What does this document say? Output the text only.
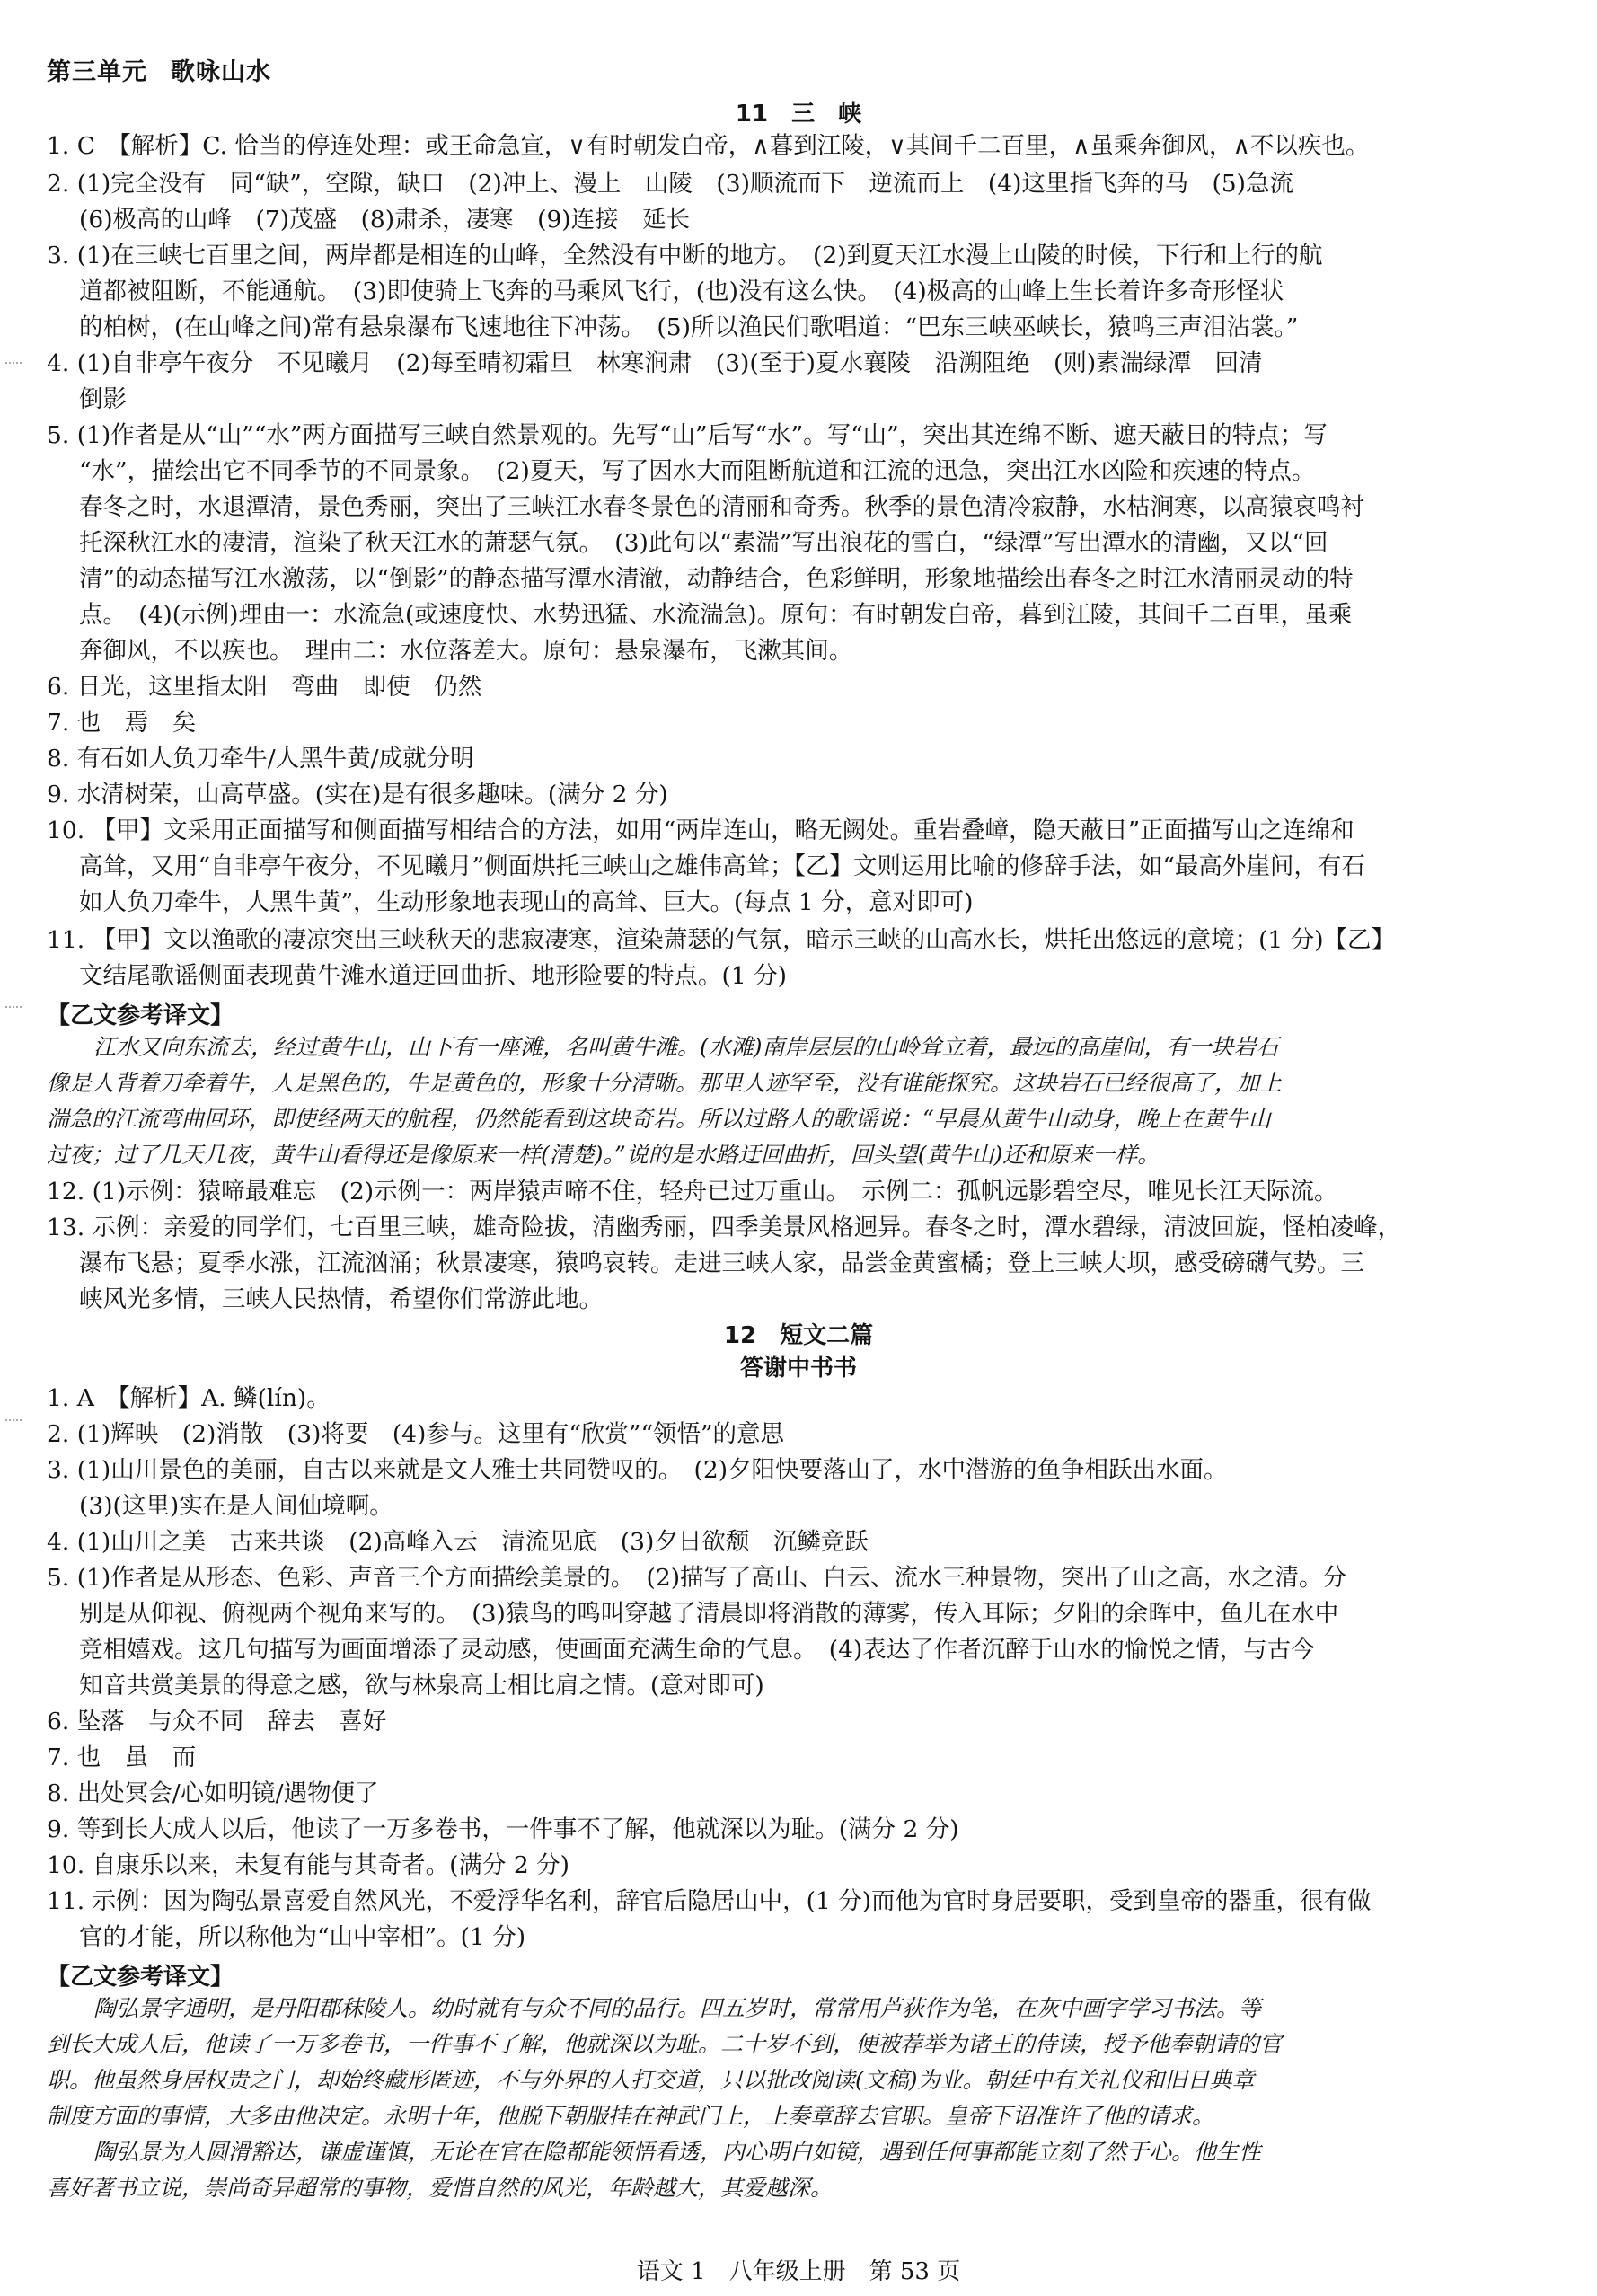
第三单元 歌咏山水
11　三　峡
1. C　【解析】C. 恰当的停连处理：或王命急宣，∨有时朝发白帝，∧暮到江陵，∨其间千二百里，∧虽乘奔御风，∧不以疾也。
2. (1)完全没有　同“缺”，空隙，缺口　(2)冲上、漫上　山陵　(3)顺流而下　逆流而上　(4)这里指飞奔的马　(5)急流
(6)极高的山峰　(7)茂盛　(8)肃杀，凄寒　(9)连接　延长
3. (1)在三峡七百里之间，两岸都是相连的山峰，全然没有中断的地方。　(2)到夏天江水漫上山陵的时候，下行和上行的航
道都被阻断，不能通航。　(3)即使骑上飞奔的马乘风飞行，(也)没有这么快。　(4)极高的山峰上生长着许多奇形怪状
的柏树，(在山峰之间)常有悬泉瀑布飞速地往下冲荡。　(5)所以渔民们歌唱道：“巴东三峡巫峡长，猿鸣三声泪沾裳。”
4. (1)自非亭午夜分　不见曦月　(2)每至晴初霜旦　林寒涧肃　(3)(至于)夏水襄陵　沿溯阻绝　(则)素湍绿潭　回清
倒影
5. (1)作者是从“山”“水”两方面描写三峡自然景观的。先写“山”后写“水”。写“山”，突出其连绵不断、遮天蔽日的特点；写
“水”，描绘出它不同季节的不同景象。　(2)夏天，写了因水大而阻断航道和江流的迅急，突出江水凶险和疾速的特点。
春冬之时，水退潭清，景色秀丽，突出了三峡江水春冬景色的清丽和奇秀。秋季的景色清冷寂静，水枯涧寒，以高猿哀鸣衬
托深秋江水的凄清，渲染了秋天江水的萧瑟气氛。　(3)此句以“素湍”写出浪花的雪白，“绿潭”写出潭水的清幽，又以“回
清”的动态描写江水激荡，以“倒影”的静态描写潭水清澈，动静结合，色彩鲜明，形象地描绘出春冬之时江水清丽灵动的特
点。　(4)(示例)理由一：水流急(或速度快、水势迅猛、水流湍急)。原句：有时朝发白帝，暮到江陵，其间千二百里，虽乘
奔御风，不以疾也。　理由二：水位落差大。原句：悬泉瀑布，飞漱其间。
6. 日光，这里指太阳　弯曲　即使　仍然
7. 也　焉　矣
8. 有石如人负刀牵牛/人黑牛黄/成就分明
9. 水清树荣，山高草盛。(实在)是有很多趣味。(满分 2 分)
10. 【甲】文采用正面描写和侧面描写相结合的方法，如用“两岸连山，略无阙处。重岩叠嶂，隐天蔽日”正面描写山之连绵和
高耸，又用“自非亭午夜分，不见曦月”侧面烘托三峡山之雄伟高耸；【乙】文则运用比喻的修辞手法，如“最高外崖间，有石
如人负刀牵牛，人黑牛黄”，生动形象地表现山的高耸、巨大。(每点 1 分，意对即可)
11. 【甲】文以渔歌的凄凉突出三峡秋天的悲寂凄寒，渲染萧瑟的气氛，暗示三峡的山高水长，烘托出悠远的意境；(1 分)【乙】
文结尾歌谣侧面表现黄牛滩水道迂回曲折、地形险要的特点。(1 分)
【乙文参考译文】
江水又向东流去，经过黄牛山，山下有一座滩，名叫黄牛滩。(水滩)南岸层层的山岭耸立着，最远的高崖间，有一块岩石
像是人背着刀牵着牛，人是黑色的，牛是黄色的，形象十分清晰。那里人迹罕至，没有谁能探究。这块岩石已经很高了，加上
湍急的江流弯曲回环，即使经两天的航程，仍然能看到这块奇岩。所以过路人的歌谣说：“早晨从黄牛山动身，晚上在黄牛山
过夜；过了几天几夜，黄牛山看得还是像原来一样(清楚)。”说的是水路迂回曲折，回头望(黄牛山)还和原来一样。
12. (1)示例：猿啼最难忘　(2)示例一：两岸猿声啼不住，轻舟已过万重山。　示例二：孤帆远影碧空尽，唯见长江天际流。
13. 示例：亲爱的同学们，七百里三峡，雄奇险拔，清幽秀丽，四季美景风格迥异。春冬之时，潭水碧绿，清波回旋，怪柏凌峰，
瀑布飞悬；夏季水涨，江流汹涌；秋景凄寒，猿鸣哀转。走进三峡人家，品尝金黄蜜橘；登上三峡大坝，感受磅礴气势。三
峡风光多情，三峡人民热情，希望你们常游此地。
12　短文二篇
答谢中书书
1. A　【解析】A. 鳞(lín)。
2. (1)辉映　(2)消散　(3)将要　(4)参与。这里有“欣赏”“领悟”的意思
3. (1)山川景色的美丽，自古以来就是文人雅士共同赞叹的。　(2)夕阳快要落山了，水中潜游的鱼争相跃出水面。
(3)(这里)实在是人间仙境啊。
4. (1)山川之美　古来共谈　(2)高峰入云　清流见底　(3)夕日欲颓　沉鳞竞跃
5. (1)作者是从形态、色彩、声音三个方面描绘美景的。　(2)描写了高山、白云、流水三种景物，突出了山之高，水之清。分
别是从仰视、俯视两个视角来写的。　(3)猿鸟的鸣叫穿越了清晨即将消散的薄雾，传入耳际；夕阳的余晖中，鱼儿在水中
竞相嬉戏。这几句描写为画面增添了灵动感，使画面充满生命的气息。　(4)表达了作者沉醉于山水的愉悦之情，与古今
知音共赏美景的得意之感，欲与林泉高士相比肩之情。(意对即可)
6. 坠落　与众不同　辞去　喜好
7. 也　虽　而
8. 出处冥会/心如明镜/遇物便了
9. 等到长大成人以后，他读了一万多卷书，一件事不了解，他就深以为耻。(满分 2 分)
10. 自康乐以来，未复有能与其奇者。(满分 2 分)
11. 示例：因为陶弘景喜爱自然风光，不爱浮华名利，辞官后隐居山中，(1 分)而他为官时身居要职，受到皇帝的器重，很有做
官的才能，所以称他为“山中宰相”。(1 分)
【乙文参考译文】
陶弘景字通明，是丹阳郡秣陵人。幼时就有与众不同的品行。四五岁时，常常用芦荻作为笔，在灰中画字学习书法。等
到长大成人后，他读了一万多卷书，一件事不了解，他就深以为耻。二十岁不到，便被荐举为诸王的侍读，授予他奉朝请的官
职。他虽然身居权贵之门，却始终藏形匿迹，不与外界的人打交道，只以批改阅读(文稿)为业。朝廷中有关礼仪和旧日典章
制度方面的事情，大多由他决定。永明十年，他脱下朝服挂在神武门上，上奏章辞去官职。皇帝下诏准许了他的请求。
陶弘景为人圆滑豁达，谦虚谨慎，无论在官在隐都能领悟看透，内心明白如镜，遇到任何事都能立刻了然于心。他生性
喜好著书立说，崇尚奇异超常的事物，爱惜自然的风光，年龄越大，其爱越深。
语文 1　八年级上册　第 53 页
